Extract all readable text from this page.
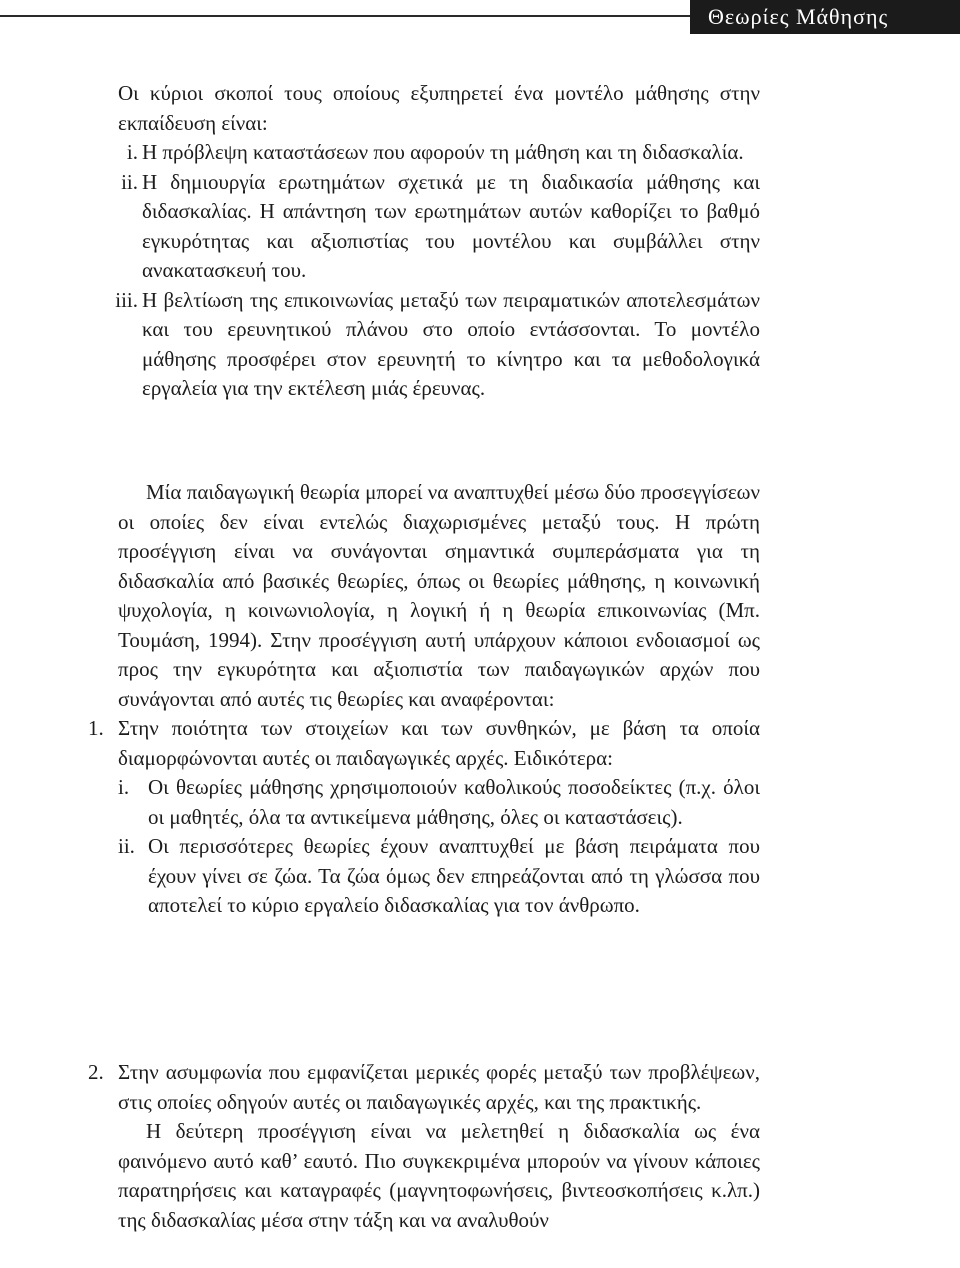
Θεωρίες Μάθησης
Οι κύριοι σκοποί τους οποίους εξυπηρετεί ένα μοντέλο μάθησης στην εκπαίδευση είναι:
i. Η πρόβλεψη καταστάσεων που αφορούν τη μάθηση και τη διδασκαλία.
ii. Η δημιουργία ερωτημάτων σχετικά με τη διαδικασία μάθησης και διδασκαλίας. Η απάντηση των ερωτημάτων αυτών καθορίζει το βαθμό εγκυρότητας και αξιοπιστίας του μοντέλου και συμβάλλει στην ανακατασκευή του.
iii. Η βελτίωση της επικοινωνίας μεταξύ των πειραματικών αποτελεσμάτων και του ερευνητικού πλάνου στο οποίο εντάσσονται. Το μοντέλο μάθησης προσφέρει στον ερευνητή το κίνητρο και τα μεθοδολογικά εργαλεία για την εκτέλεση μιάς έρευνας.
Μία παιδαγωγική θεωρία μπορεί να αναπτυχθεί μέσω δύο προσεγγίσεων οι οποίες δεν είναι εντελώς διαχωρισμένες μεταξύ τους. Η πρώτη προσέγγιση είναι να συνάγονται σημαντικά συμπεράσματα για τη διδασκαλία από βασικές θεωρίες, όπως οι θεωρίες μάθησης, η κοινωνική ψυχολογία, η κοινωνιολογία, η λογική ή η θεωρία επικοινωνίας (Μπ. Τουμάση, 1994). Στην προσέγγιση αυτή υπάρχουν κάποιοι ενδοιασμοί ως προς την εγκυρότητα και αξιοπιστία των παιδαγωγικών αρχών που συνάγονται από αυτές τις θεωρίες και αναφέρονται:
1. Στην ποιότητα των στοιχείων και των συνθηκών, με βάση τα οποία διαμορφώνονται αυτές οι παιδαγωγικές αρχές. Ειδικότερα:
i. Οι θεωρίες μάθησης χρησιμοποιούν καθολικούς ποσοδείκτες (π.χ. όλοι οι μαθητές, όλα τα αντικείμενα μάθησης, όλες οι καταστάσεις).
ii. Οι περισσότερες θεωρίες έχουν αναπτυχθεί με βάση πειράματα που έχουν γίνει σε ζώα. Τα ζώα όμως δεν επηρεάζονται από τη γλώσσα που αποτελεί το κύριο εργαλείο διδασκαλίας για τον άνθρωπο.
2. Στην ασυμφωνία που εμφανίζεται μερικές φορές μεταξύ των προβλέψεων, στις οποίες οδηγούν αυτές οι παιδαγωγικές αρχές, και της πρακτικής.
Η δεύτερη προσέγγιση είναι να μελετηθεί η διδασκαλία ως ένα φαινόμενο αυτό καθ’ εαυτό. Πιο συγκεκριμένα μπορούν να γίνουν κάποιες παρατηρήσεις και καταγραφές (μαγνητοφωνήσεις, βιντεοσκοπήσεις κ.λπ.) της διδασκαλίας μέσα στην τάξη και να αναλυθούν
